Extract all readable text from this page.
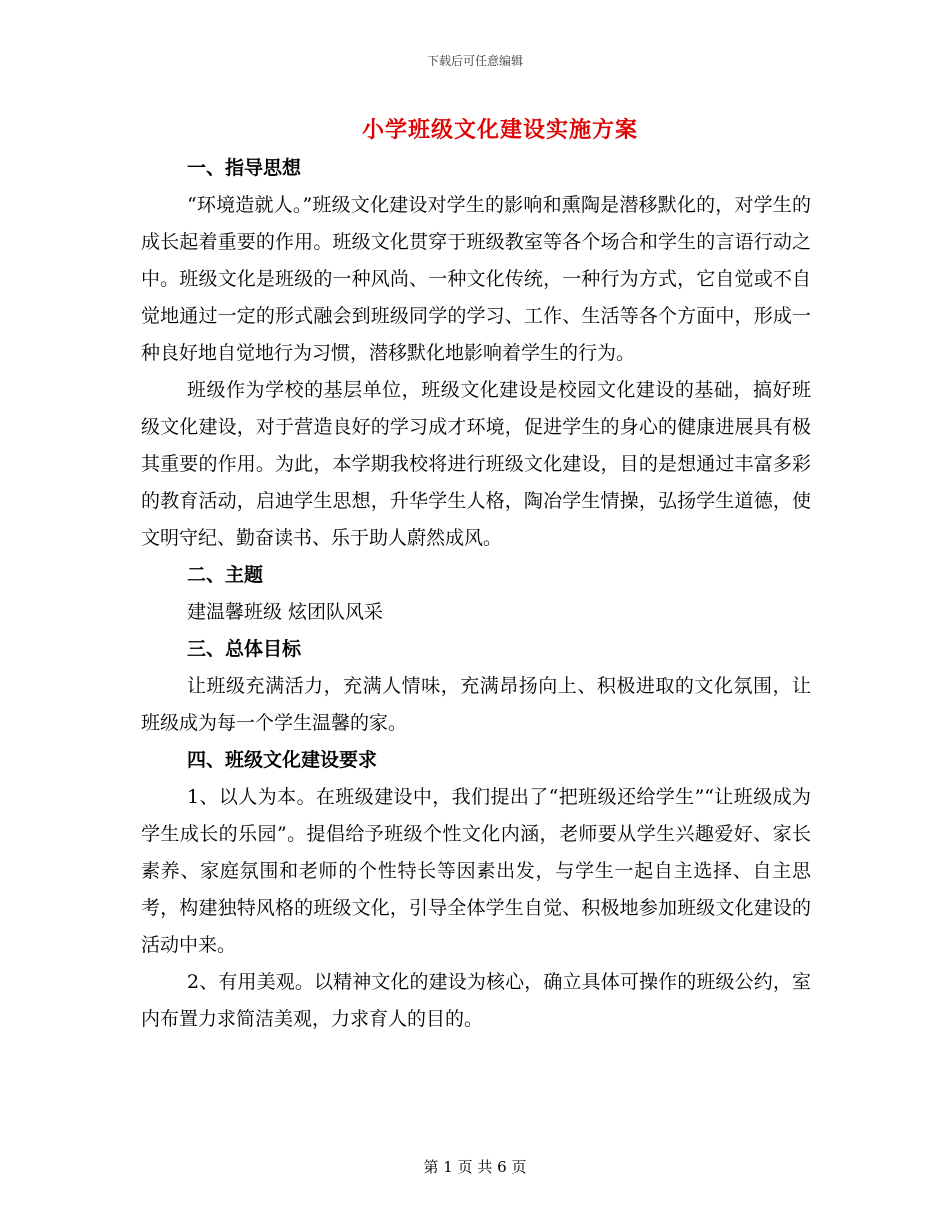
下载后可任意编辑
小学班级文化建设实施方案

一、指导思想

“环境造就人。”班级文化建设对学生的影响和熏陶是潜移默化的，对学生的成长起着重要的作用。班级文化贯穿于班级教室等各个场合和学生的言语行动之中。班级文化是班级的一种风尚、一种文化传统，一种行为方式，它自觉或不自觉地通过一定的形式融会到班级同学的学习、工作、生活等各个方面中，形成一种良好地自觉地行为习惯，潜移默化地影响着学生的行为。

班级作为学校的基层单位，班级文化建设是校园文化建设的基础，搞好班级文化建设，对于营造良好的学习成才环境，促进学生的身心的健康进展具有极其重要的作用。为此，本学期我校将进行班级文化建设，目的是想通过丰富多彩的教育活动，启迪学生思想，升华学生人格，陶冶学生情操，弘扬学生道德，使文明守纪、勤奋读书、乐于助人蔚然成风。

二、主题

建温馨班级 炫团队风采

三、总体目标

让班级充满活力，充满人情味，充满昂扬向上、积极进取的文化氛围，让班级成为每一个学生温馨的家。

四、班级文化建设要求

1、以人为本。在班级建设中，我们提出了“把班级还给学生”“让班级成为学生成长的乐园”。提倡给予班级个性文化内涵，老师要从学生兴趣爱好、家长素养、家庭氛围和老师的个性特长等因素出发，与学生一起自主选择、自主思考，构建独特风格的班级文化，引导全体学生自觉、积极地参加班级文化建设的活动中来。

2、有用美观。以精神文化的建设为核心，确立具体可操作的班级公约，室内布置力求简洁美观，力求育人的目的。

第 1 页 共 6 页
